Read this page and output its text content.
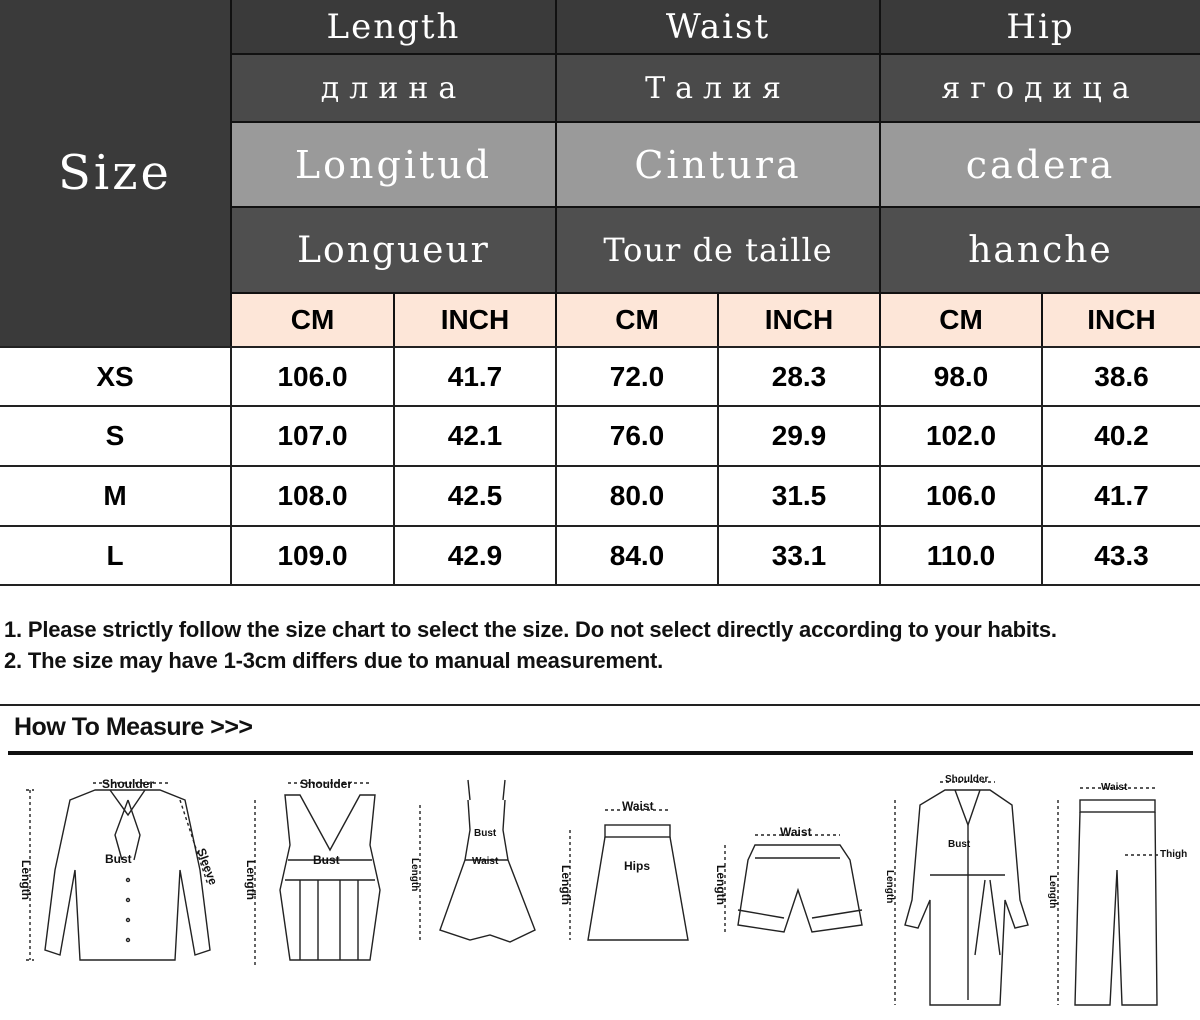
Size
Length	Waist	Hip
длина	Талия	ягодица
Longitud	Cintura	cadera
Longueur	Tour de taille	hanche
CM	INCH	CM	INCH	CM	INCH
XS	106.0	41.7	72.0	28.3	98.0	38.6
S	107.0	42.1	76.0	29.9	102.0	40.2
M	108.0	42.5	80.0	31.5	106.0	41.7
L	109.0	42.9	84.0	33.1	110.0	43.3
1. Please strictly follow the size chart to select the size. Do not select directly according to your habits.
2. The size may have 1-3cm differs due to manual measurement.
How To Measure >>>
Shoulder
Bust	Sleeve
Length
Shoulder
Bust
Length
Bust
Waist
Length
Waist
Hips
Length
Waist
Length
Shoulder
Bust
Length
Waist
Thigh
Length
